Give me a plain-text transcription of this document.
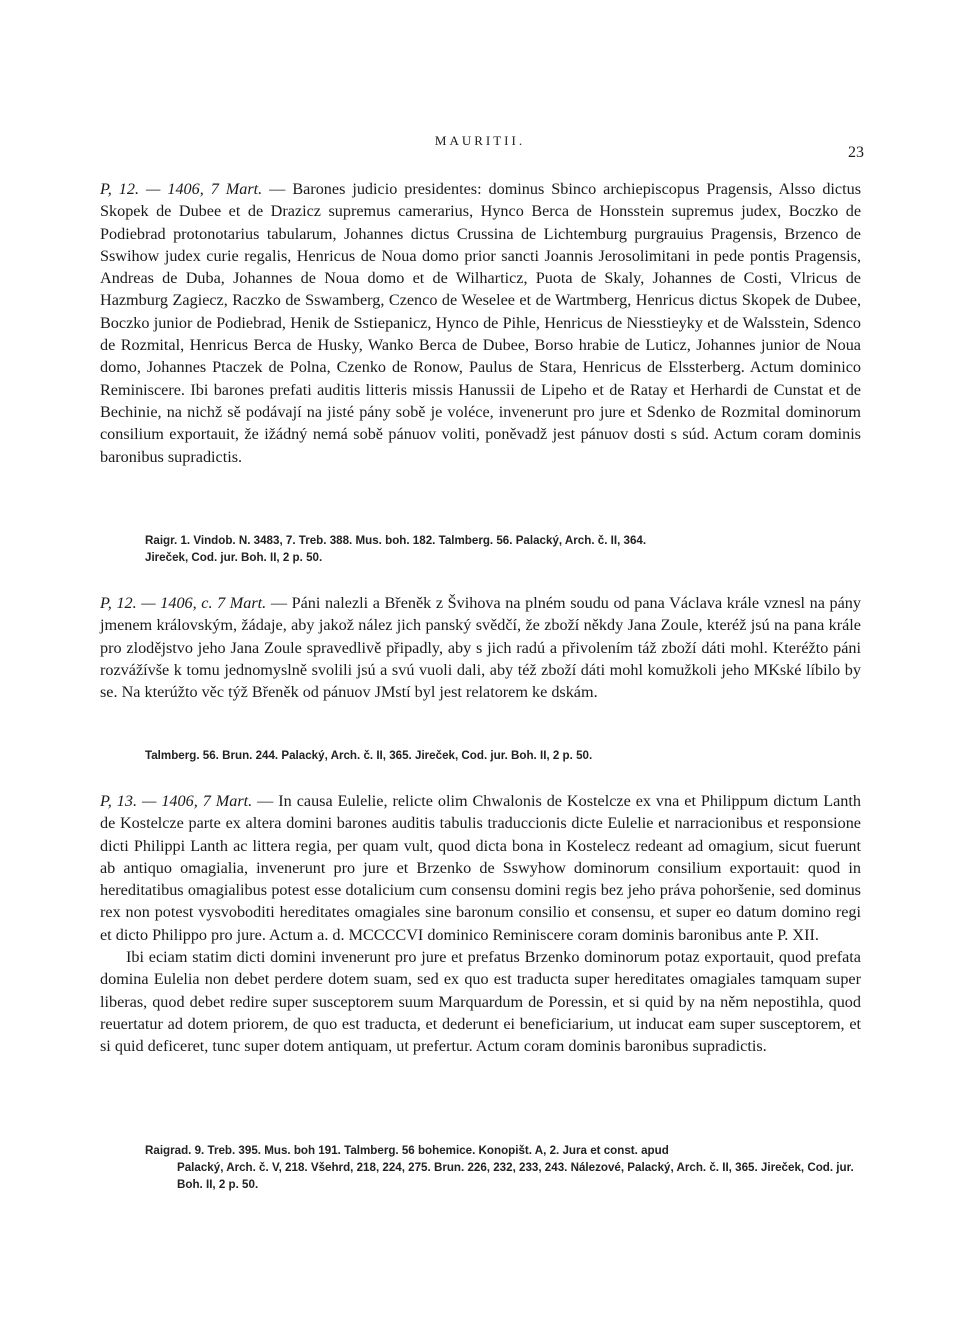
MAURITII.
23

P, 12. — 1406, 7 Mart. — Barones judicio presidentes: dominus Sbinco archiepiscopus Pragensis, Alsso dictus Skopek de Dubee et de Drazicz supremus camerarius, Hynco Berca de Honsstein supremus judex, Boczko de Podiebrad protonotarius tabularum, Johannes dictus Crussina de Lichtemburg purgrauius Pragensis, Brzenco de Sswihow judex curie regalis, Henricus de Noua domo prior sancti Joannis Jerosolimitani in pede pontis Pragensis, Andreas de Duba, Johannes de Noua domo et de Wilharticz, Puota de Skaly, Johannes de Costi, Vlricus de Hazmburg Zagiecz, Raczko de Sswamberg, Czenco de Weselee et de Wartmberg, Henricus dictus Skopek de Dubee, Boczko junior de Podiebrad, Henik de Sstiepanicz, Hynco de Pihle, Henricus de Niesstieyky et de Walsstein, Sdenco de Rozmital, Henricus Berca de Husky, Wanko Berca de Dubee, Borso hrabie de Luticz, Johannes junior de Noua domo, Johannes Ptaczek de Polna, Czenko de Ronow, Paulus de Stara, Henricus de Elssterberg. Actum dominico Reminiscere. Ibi barones prefati auditis litteris missis Hanussii de Lipeho et de Ratay et Herhardi de Cunstat et de Bechinie, na nichž sě podávají na jisté pány sobě je voléce, invenerunt pro jure et Sdenko de Rozmital dominorum consilium exportauit, že ižádný nemá sobě pánuov voliti, poněvadž jest pánuov dosti s súd. Actum coram dominis baronibus supradictis.

Raigr. 1. Vindob. N. 3483, 7. Treb. 388. Mus. boh. 182. Talmberg. 56. Palacký, Arch. č. II, 364.
Jireček, Cod. jur. Boh. II, 2 p. 50.

P, 12. — 1406, c. 7 Mart. — Páni nalezli a Břeněk z Švihova na plném soudu od pana Václava krále vznesl na pány jmenem královským, žádaje, aby jakož nález jich panský svědčí, že zboží někdy Jana Zoule, kteréž jsú na pana krále pro zlodějstvo jeho Jana Zoule spravedlivě připadly, aby s jich radú a přivolením táž zboží dáti mohl. Kteréžto páni rozvážívše k tomu jednomyslně svolili jsú a svú vuoli dali, aby též zboží dáti mohl komužkoli jeho MKské líbilo by se. Na kterúžto věc týž Břeněk od pánuov JMstí byl jest relatorem ke dskám.

Talmberg. 56. Brun. 244. Palacký, Arch. č. II, 365. Jireček, Cod. jur. Boh. II, 2 p. 50.

P, 13. — 1406, 7 Mart. — In causa Eulelie, relicte olim Chwalonis de Kostelcze ex vna et Philippum dictum Lanth de Kostelcze parte ex altera domini barones auditis tabulis traduccionis dicte Eulelie et narracionibus et responsione dicti Philippi Lanth ac littera regia, per quam vult, quod dicta bona in Kostelecz redeant ad omagium, sicut fuerunt ab antiquo omagialia, invenerunt pro jure et Brzenko de Sswyhow dominorum consilium exportauit: quod in hereditatibus omagialibus potest esse dotalicium cum consensu domini regis bez jeho práva pohoršenie, sed dominus rex non potest vysvoboditi hereditates omagiales sine baronum consilio et consensu, et super eo datum domino regi et dicto Philippo pro jure. Actum a. d. MCCCCVI dominico Reminiscere coram dominis baronibus ante P. XII.

Ibi eciam statim dicti domini invenerunt pro jure et prefatus Brzenko dominorum potaz exportauit, quod prefata domina Eulelia non debet perdere dotem suam, sed ex quo est traducta super hereditates omagiales tamquam super liberas, quod debet redire super susceptorem suum Marquardum de Poressin, et si quid by na něm nepostihla, quod reuertatur ad dotem priorem, de quo est traducta, et dederunt ei beneficiarium, ut inducat eam super susceptorem, et si quid deficeret, tunc super dotem antiquam, ut prefertur. Actum coram dominis baronibus supradictis.

Raigrad. 9. Treb. 395. Mus. boh 191. Talmberg. 56 bohemice. Konopišt. A, 2. Jura et const. apud
Palacký, Arch. č. V, 218. Všehrd, 218, 224, 275. Brun. 226, 232, 233, 243. Nálezové, Palacký, Arch. č. II, 365. Jireček, Cod. jur. Boh. II, 2 p. 50.
